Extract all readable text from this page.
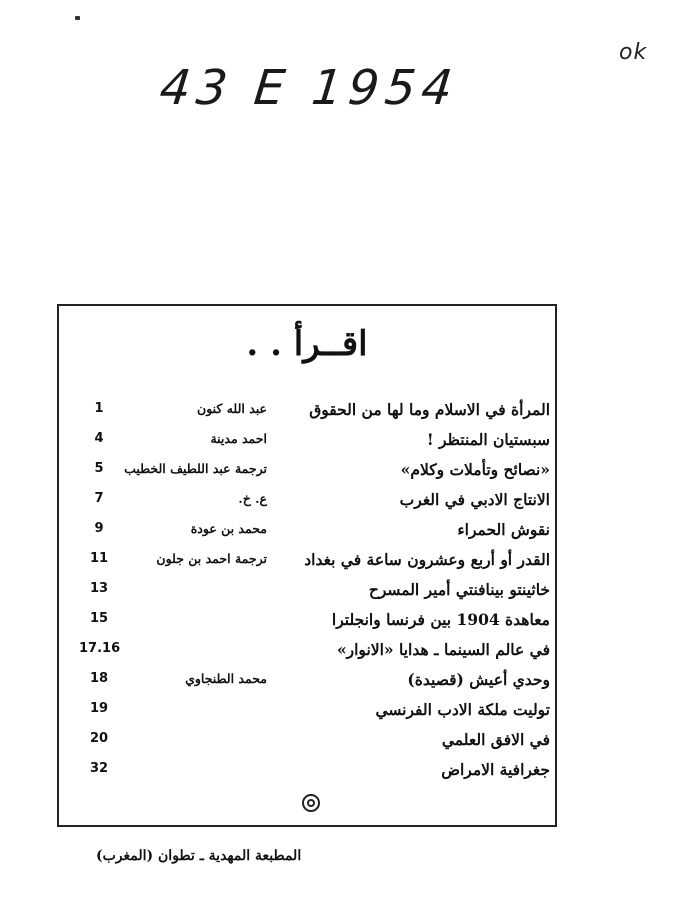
ok
43 E 1954
اقــرأ . .
المرأة في الاسلام وما لها من الحقوق
عبد الله كنون
1
سبستيان المنتظر !
احمد مدينة
4
«نصائح وتأملات وكلام»
ترجمة عبد اللطيف الخطيب
5
الانتاج الادبي في الغرب
ع. خ.
7
نقوش الحمراء
محمد بن عودة
9
القدر أو أربع وعشرون ساعة في بغداد
ترجمة احمد بن جلون
11
خاثينتو بينافنتي أمير المسرح
13
معاهدة 1904 بين فرنسا وانجلترا
15
في عالم السينما ـ هدايا «الانوار»
17.16
وحدي أعيش (قصيدة)
محمد الطنجاوي
18
تولیت ملكة الادب الفرنسي
19
في الافق العلمي
20
جغرافية الامراض
32
المطبعة المهدية ـ تطوان (المغرب)
